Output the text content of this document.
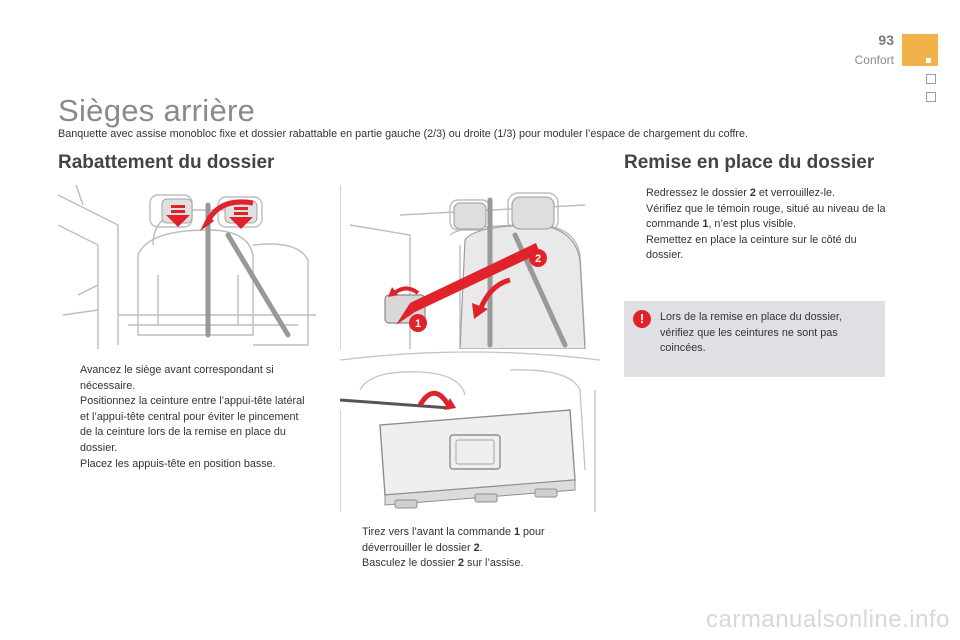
93
Confort
Sièges arrière

Banquette avec assise monobloc fixe et dossier rabattable en partie gauche (2/3) ou droite (1/3) pour moduler l’espace de chargement du coffre.

Rabattement du dossier	Remise en place du dossier
1
2
Avancez le siège avant correspondant si nécessaire.
Positionnez la ceinture entre l’appui-tête latéral et l’appui-tête central pour éviter le pincement de la ceinture lors de la remise en place du dossier.
Placez les appuis-tête en position basse.
Tirez vers l’avant la commande 1 pour déverrouiller le dossier 2.
Basculez le dossier 2 sur l’assise.
Redressez le dossier 2 et verrouillez-le.
Vérifiez que le témoin rouge, situé au niveau de la commande 1, n’est plus visible.
Remettez en place la ceinture sur le côté du dossier.
!	Lors de la remise en place du dossier, vérifiez que les ceintures ne sont pas coincées.

carmanualsonline.info
